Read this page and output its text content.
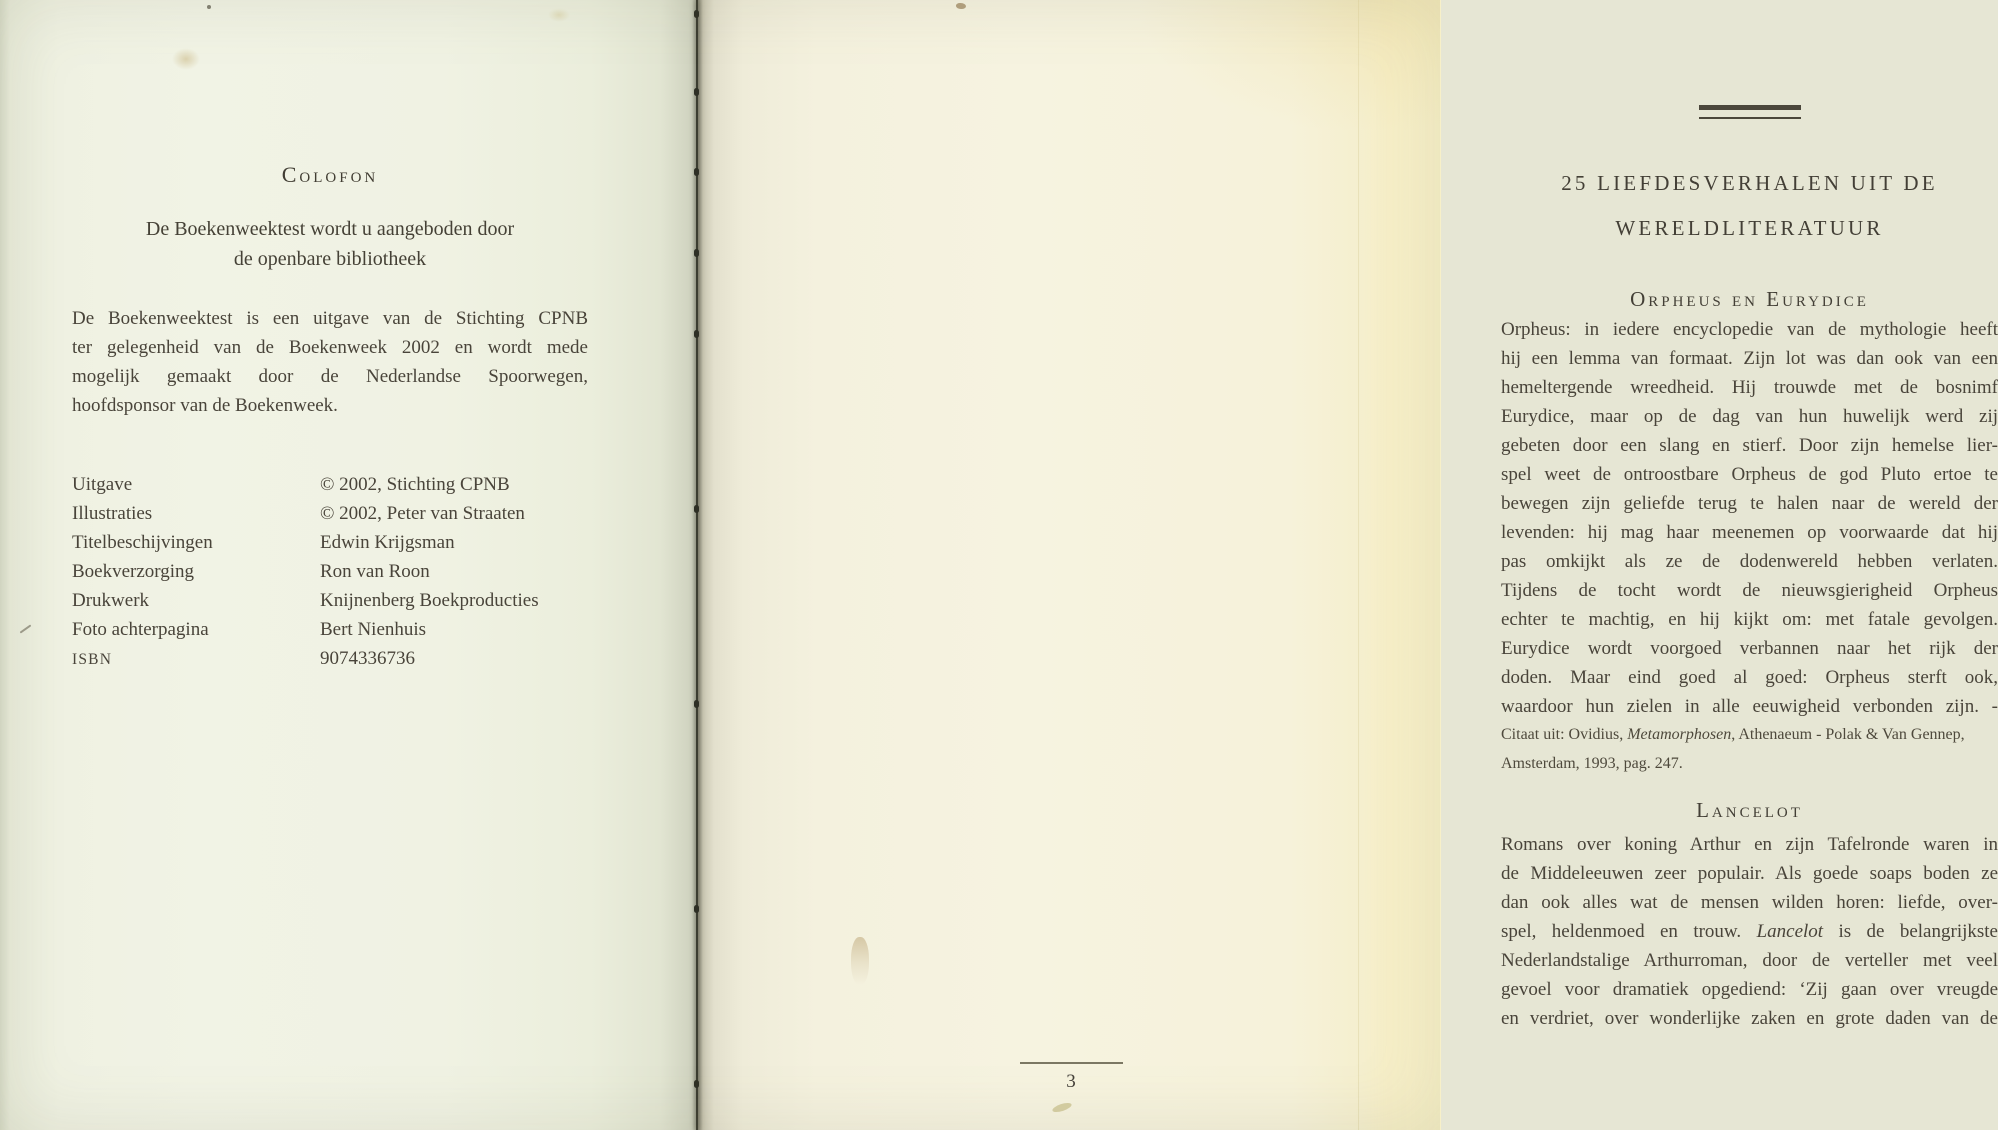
Colofon
De Boekenweektest wordt u aangeboden door
de openbare bibliotheek
De Boekenweektest is een uitgave van de Stichting CPNB
ter gelegenheid van de Boekenweek 2002 en wordt mede
mogelijk gemaakt door de Nederlandse Spoorwegen,
hoofdsponsor van de Boekenweek.
Uitgave	© 2002, Stichting CPNB
Illustraties	© 2002, Peter van Straaten
Titelbeschijvingen	Edwin Krijgsman
Boekverzorging	Ron van Roon
Drukwerk	Knijnenberg Boekproducties
Foto achterpagina	Bert Nienhuis
ISBN	9074336736
25 LIEFDESVERHALEN UIT DE
WERELDLITERATUUR
Orpheus en Eurydice
Orpheus: in iedere encyclopedie van de mythologie heeft
hij een lemma van formaat. Zijn lot was dan ook van een
hemeltergende wreedheid. Hij trouwde met de bosnimf
Eurydice, maar op de dag van hun huwelijk werd zij
gebeten door een slang en stierf. Door zijn hemelse lier-
spel weet de ontroostbare Orpheus de god Pluto ertoe te
bewegen zijn geliefde terug te halen naar de wereld der
levenden: hij mag haar meenemen op voorwaarde dat hij
pas omkijkt als ze de dodenwereld hebben verlaten.
Tijdens de tocht wordt de nieuwsgierigheid Orpheus
echter te machtig, en hij kijkt om: met fatale gevolgen.
Eurydice wordt voorgoed verbannen naar het rijk der
doden. Maar eind goed al goed: Orpheus sterft ook,
waardoor hun zielen in alle eeuwigheid verbonden zijn. -
Citaat uit: Ovidius, Metamorphosen, Athenaeum - Polak & Van Gennep,
Amsterdam, 1993, pag. 247.
Lancelot
Romans over koning Arthur en zijn Tafelronde waren in
de Middeleeuwen zeer populair. Als goede soaps boden ze
dan ook alles wat de mensen wilden horen: liefde, over-
spel, heldenmoed en trouw. Lancelot is de belangrijkste
Nederlandstalige Arthurroman, door de verteller met veel
gevoel voor dramatiek opgediend: ‘Zij gaan over vreugde
en verdriet, over wonderlijke zaken en grote daden van de
3
